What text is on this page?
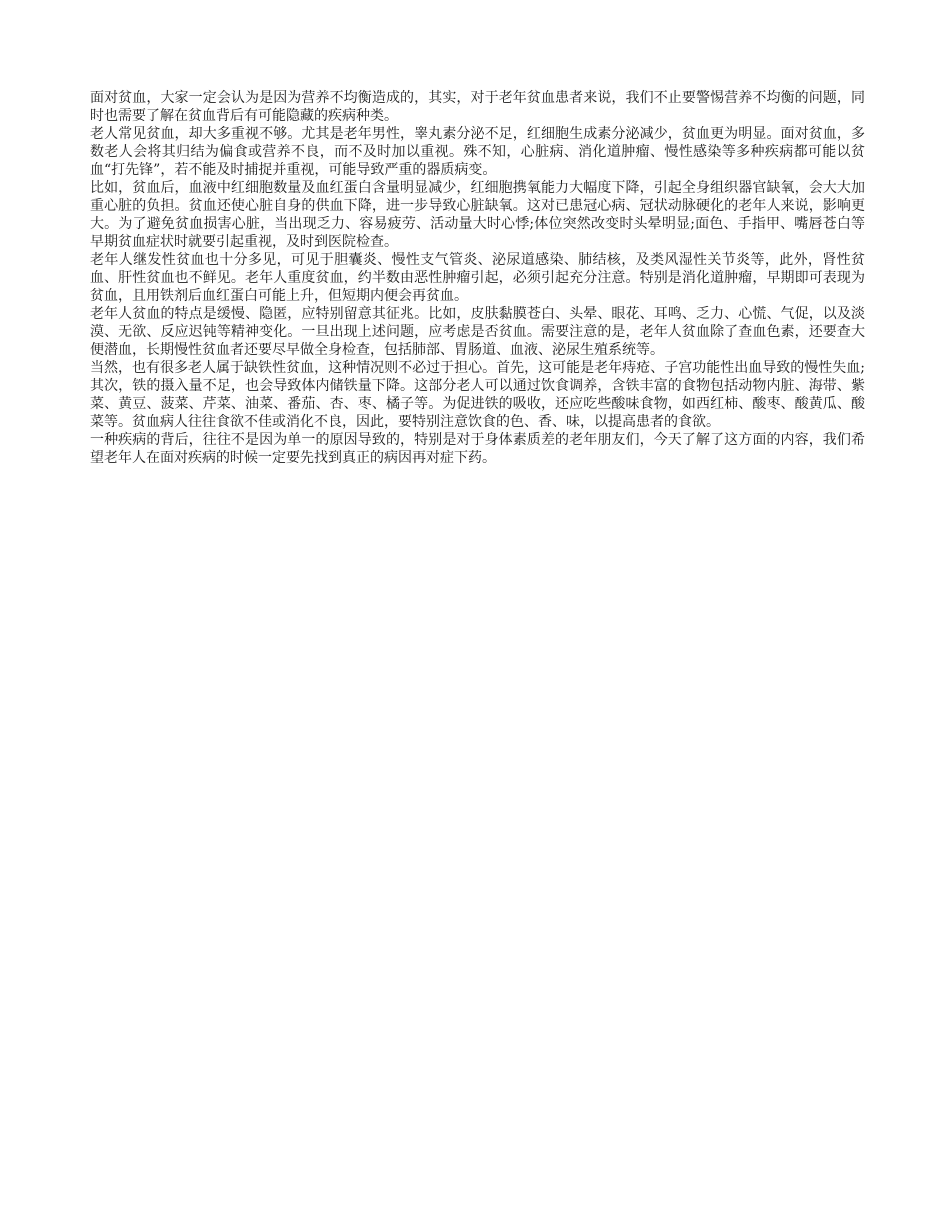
面对贫血，大家一定会认为是因为营养不均衡造成的，其实，对于老年贫血患者来说，我们不止要警惕营养不均衡的问题，同时也需要了解在贫血背后有可能隐藏的疾病种类。

老人常见贫血，却大多重视不够。尤其是老年男性，睾丸素分泌不足，红细胞生成素分泌减少，贫血更为明显。面对贫血，多数老人会将其归结为偏食或营养不良，而不及时加以重视。殊不知，心脏病、消化道肿瘤、慢性感染等多种疾病都可能以贫血“打先锋”，若不能及时捕捉并重视，可能导致严重的器质病变。

比如，贫血后，血液中红细胞数量及血红蛋白含量明显减少，红细胞携氧能力大幅度下降，引起全身组织器官缺氧，会大大加重心脏的负担。贫血还使心脏自身的供血下降，进一步导致心脏缺氧。这对已患冠心病、冠状动脉硬化的老年人来说，影响更大。为了避免贫血损害心脏，当出现乏力、容易疲劳、活动量大时心悸;体位突然改变时头晕明显;面色、手指甲、嘴唇苍白等早期贫血症状时就要引起重视，及时到医院检查。

老年人继发性贫血也十分多见，可见于胆囊炎、慢性支气管炎、泌尿道感染、肺结核，及类风湿性关节炎等，此外，肾性贫血、肝性贫血也不鲜见。老年人重度贫血，约半数由恶性肿瘤引起，必须引起充分注意。特别是消化道肿瘤，早期即可表现为贫血，且用铁剂后血红蛋白可能上升，但短期内便会再贫血。

老年人贫血的特点是缓慢、隐匿，应特别留意其征兆。比如，皮肤黏膜苍白、头晕、眼花、耳鸣、乏力、心慌、气促，以及淡漠、无欲、反应迟钝等精神变化。一旦出现上述问题，应考虑是否贫血。需要注意的是，老年人贫血除了查血色素，还要查大便潜血，长期慢性贫血者还要尽早做全身检查，包括肺部、胃肠道、血液、泌尿生殖系统等。

当然，也有很多老人属于缺铁性贫血，这种情况则不必过于担心。首先，这可能是老年痔疮、子宫功能性出血导致的慢性失血;其次，铁的摄入量不足，也会导致体内储铁量下降。这部分老人可以通过饮食调养，含铁丰富的食物包括动物内脏、海带、紫菜、黄豆、菠菜、芹菜、油菜、番茄、杏、枣、橘子等。为促进铁的吸收，还应吃些酸味食物，如西红柿、酸枣、酸黄瓜、酸菜等。贫血病人往往食欲不佳或消化不良，因此，要特别注意饮食的色、香、味，以提高患者的食欲。

一种疾病的背后，往往不是因为单一的原因导致的，特别是对于身体素质差的老年朋友们，今天了解了这方面的内容，我们希望老年人在面对疾病的时候一定要先找到真正的病因再对症下药。
